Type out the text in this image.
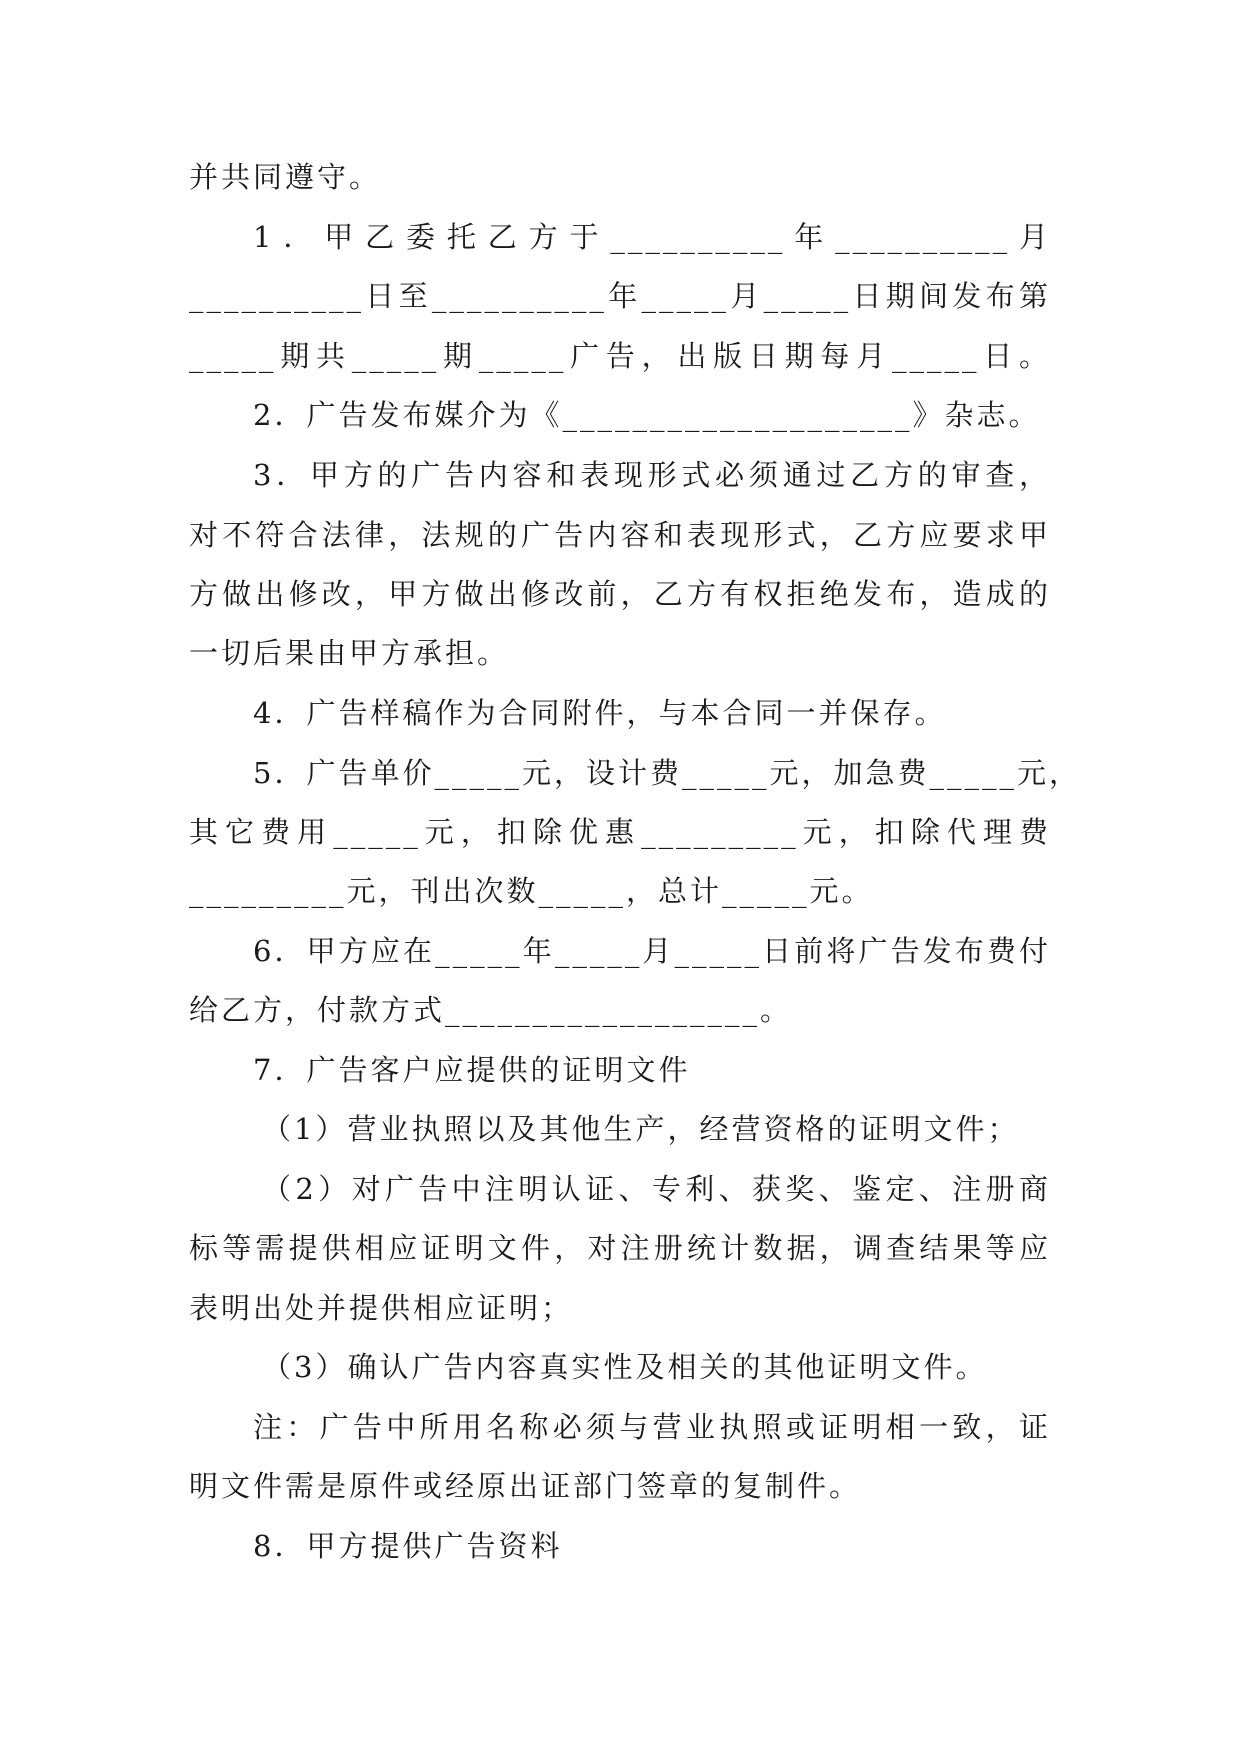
并共同遵守。
1．甲乙委托乙方于__________年__________月
__________日至__________年_____月_____日期间发布第
_____期共_____期_____广告，出版日期每月_____日。
2．广告发布媒介为《____________________》杂志。
3．甲方的广告内容和表现形式必须通过乙方的审查，
对不符合法律，法规的广告内容和表现形式，乙方应要求甲
方做出修改，甲方做出修改前，乙方有权拒绝发布，造成的
一切后果由甲方承担。
4．广告样稿作为合同附件，与本合同一并保存。
5．广告单价_____元，设计费_____元，加急费_____元，
其它费用_____元，扣除优惠_________元，扣除代理费
_________元，刊出次数_____，总计_____元。
6．甲方应在_____年_____月_____日前将广告发布费付
给乙方，付款方式__________________。
7．广告客户应提供的证明文件
（1）营业执照以及其他生产，经营资格的证明文件；
（2）对广告中注明认证、专利、获奖、鉴定、注册商
标等需提供相应证明文件，对注册统计数据，调查结果等应
表明出处并提供相应证明；
（3）确认广告内容真实性及相关的其他证明文件。
注：广告中所用名称必须与营业执照或证明相一致，证
明文件需是原件或经原出证部门签章的复制件。
8．甲方提供广告资料
